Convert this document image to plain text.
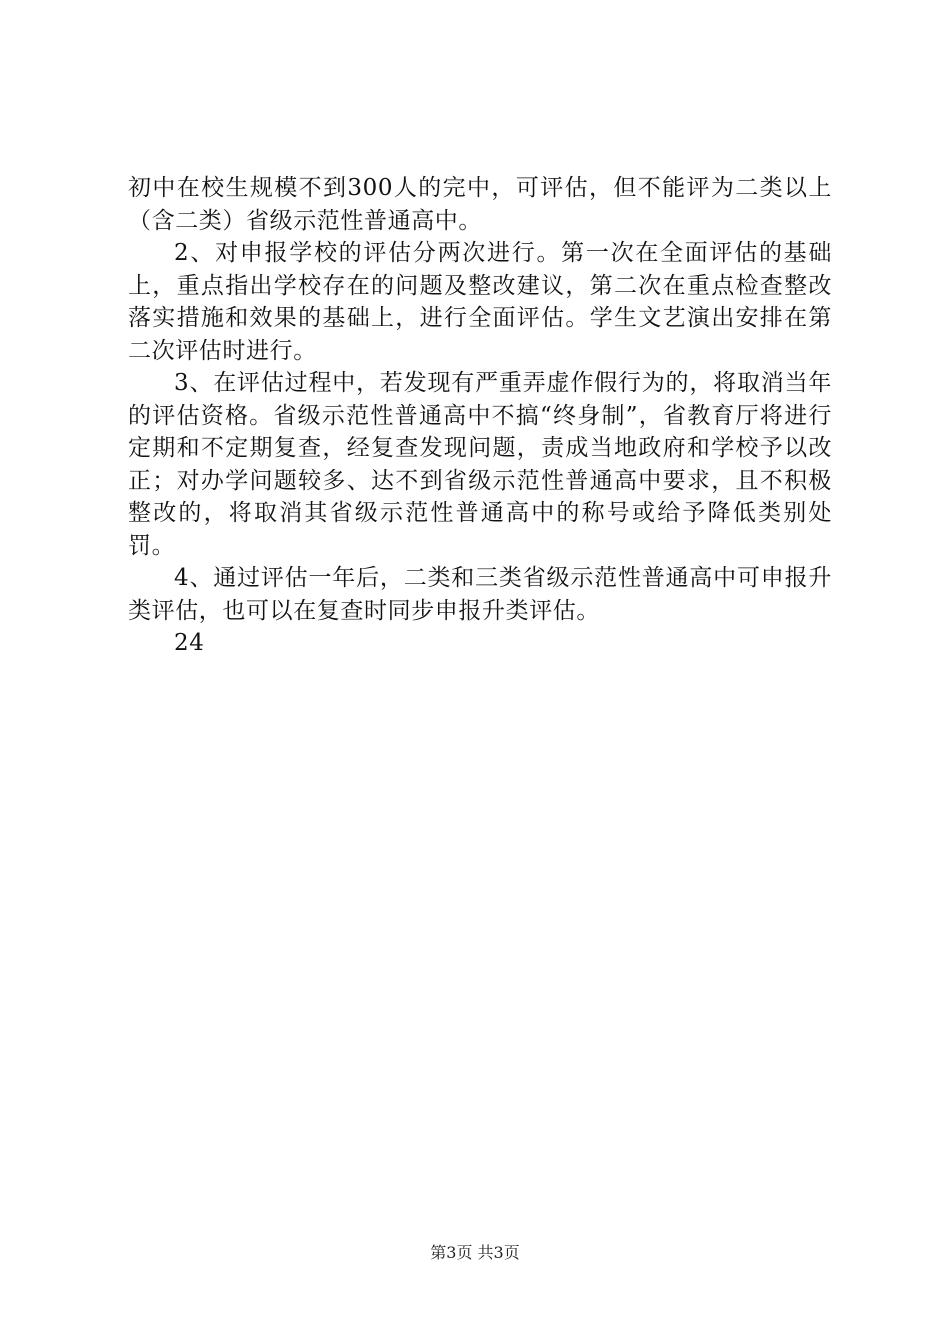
初中在校生规模不到300人的完中，可评估，但不能评为二类以上（含二类）省级示范性普通高中。

2、对申报学校的评估分两次进行。第一次在全面评估的基础上，重点指出学校存在的问题及整改建议，第二次在重点检查整改落实措施和效果的基础上，进行全面评估。学生文艺演出安排在第二次评估时进行。

3、在评估过程中，若发现有严重弄虚作假行为的，将取消当年的评估资格。省级示范性普通高中不搞“终身制”，省教育厅将进行定期和不定期复查，经复查发现问题，责成当地政府和学校予以改正；对办学问题较多、达不到省级示范性普通高中要求，且不积极整改的，将取消其省级示范性普通高中的称号或给予降低类别处罚。

4、通过评估一年后，二类和三类省级示范性普通高中可申报升类评估，也可以在复查时同步申报升类评估。

24

第3页 共3页
